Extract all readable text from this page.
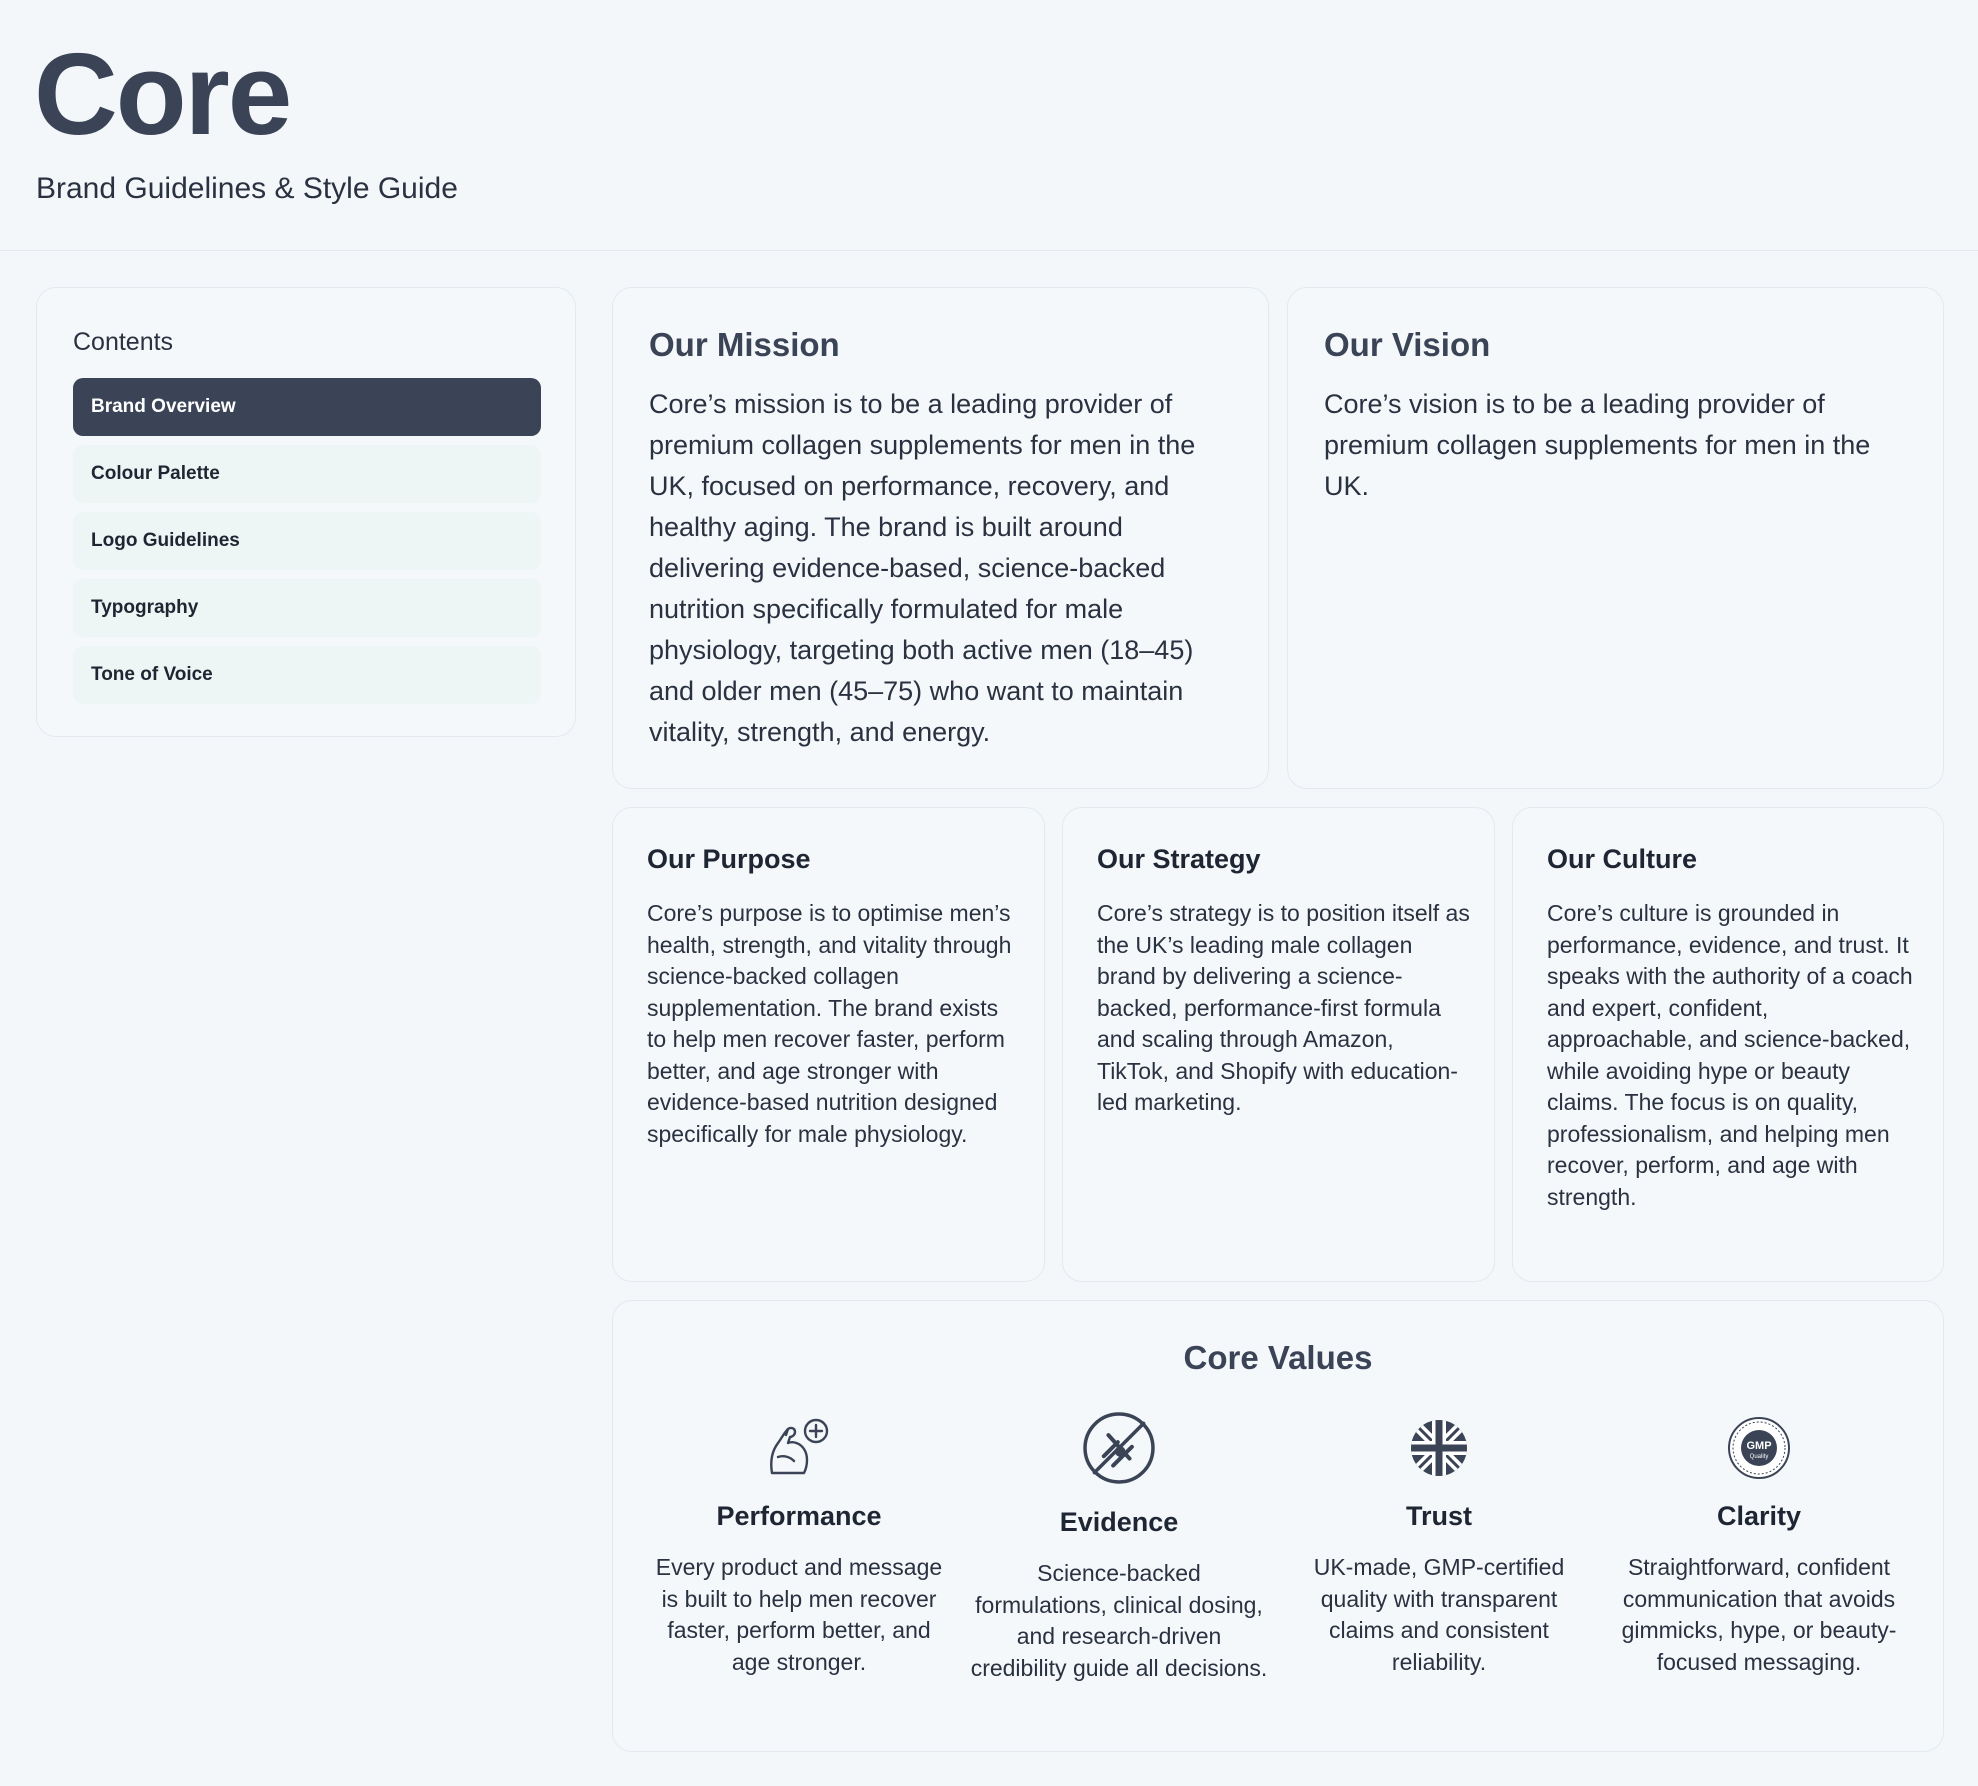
Core
Brand Guidelines & Style Guide
Contents
Brand Overview
Colour Palette
Logo Guidelines
Typography
Tone of Voice
Our Mission
Core’s mission is to be a leading provider of premium collagen supplements for men in the UK, focused on performance, recovery, and healthy aging. The brand is built around delivering evidence-based, science-backed nutrition specifically formulated for male physiology, targeting both active men (18–45) and older men (45–75) who want to maintain vitality, strength, and energy.
Our Vision
Core’s vision is to be a leading provider of premium collagen supplements for men in the UK.
Our Purpose
Core’s purpose is to optimise men’s health, strength, and vitality through science-backed collagen supplementation. The brand exists to help men recover faster, perform better, and age stronger with evidence-based nutrition designed specifically for male physiology.
Our Strategy
Core’s strategy is to position itself as the UK’s leading male collagen brand by delivering a science-backed, performance-first formula and scaling through Amazon, TikTok, and Shopify with education-led marketing.
Our Culture
Core’s culture is grounded in performance, evidence, and trust. It speaks with the authority of a coach and expert, confident, approachable, and science-backed, while avoiding hype or beauty claims. The focus is on quality, professionalism, and helping men recover, perform, and age with strength.
Core Values
Performance
Every product and message is built to help men recover faster, perform better, and age stronger.
Evidence
Science-backed formulations, clinical dosing, and research-driven credibility guide all decisions.
Trust
UK-made, GMP-certified quality with transparent claims and consistent reliability.
GMP
Quality
Clarity
Straightforward, confident communication that avoids gimmicks, hype, or beauty-focused messaging.
